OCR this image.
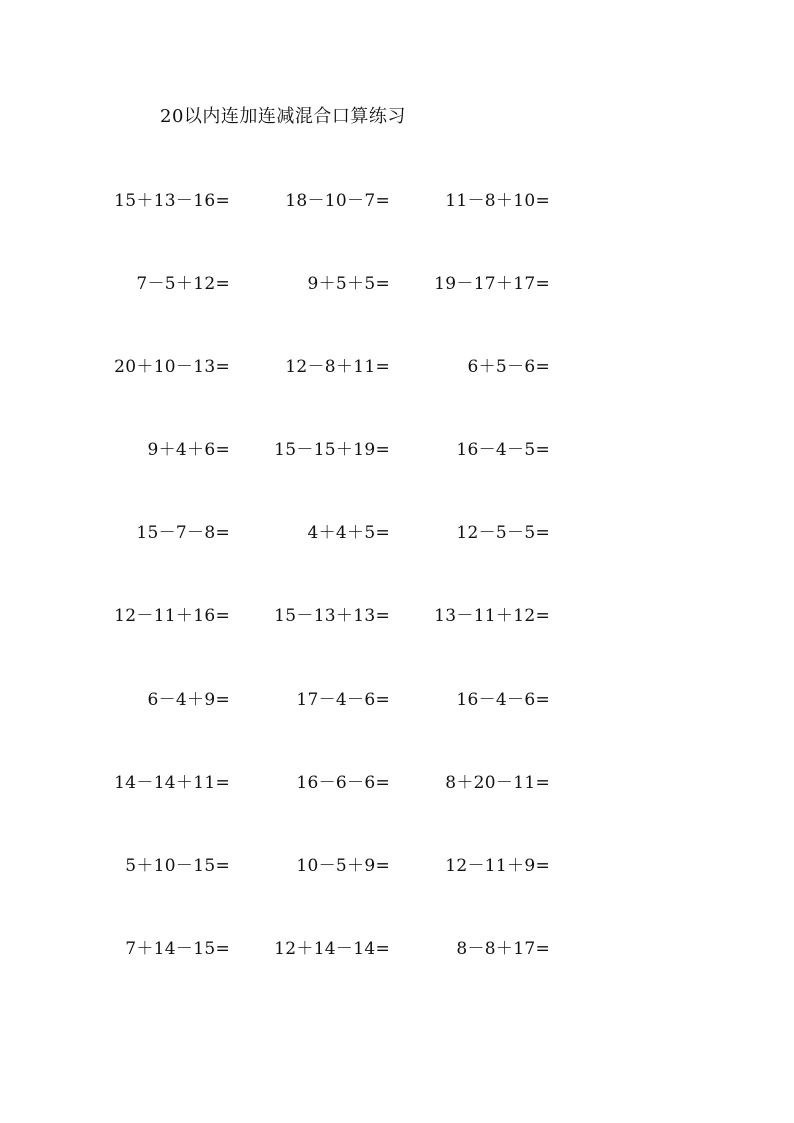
20以内连加连减混合口算练习
15＋13－16=	18－10－7=	11－8＋10=
7－5＋12=	9＋5＋5=	19－17＋17=
20＋10－13=	12－8＋11=	6＋5－6=
9＋4＋6=	15－15＋19=	16－4－5=
15－7－8=	4＋4＋5=	12－5－5=
12－11＋16=	15－13＋13=	13－11＋12=
6－4＋9=	17－4－6=	16－4－6=
14－14＋11=	16－6－6=	8＋20－11=
5＋10－15=	10－5＋9=	12－11＋9=
7＋14－15=	12＋14－14=	8－8＋17=
